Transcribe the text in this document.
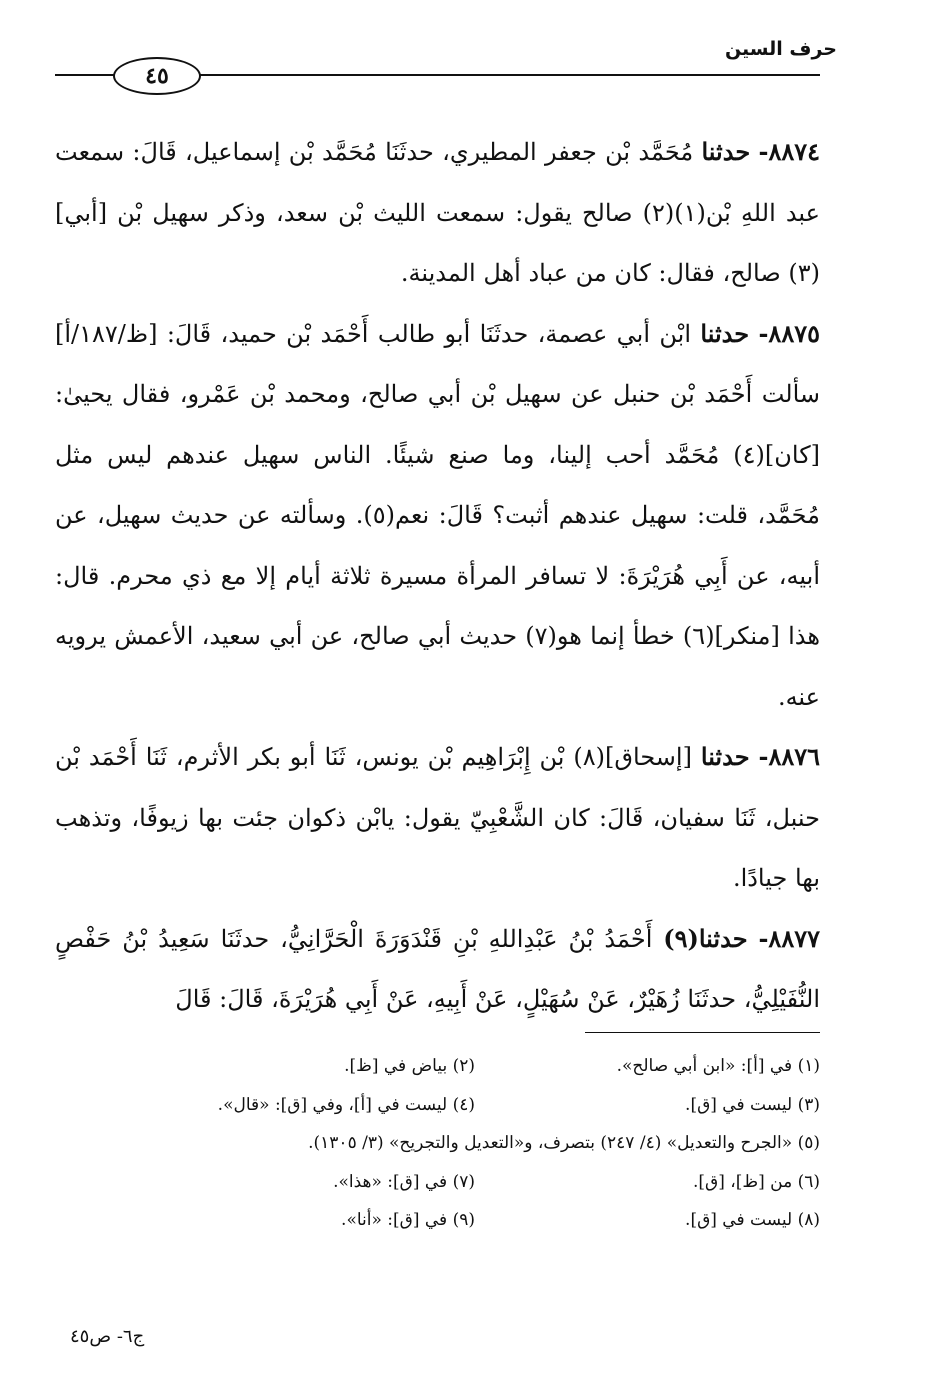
حرف السين
٤٥

٨٨٧٤- حدثنا مُحَمَّد بْن جعفر المطيري، حدثَنَا مُحَمَّد بْن إسماعيل، قَالَ: سمعت عبد اللهِ بْن(١)(٢) صالح يقول: سمعت الليث بْن سعد، وذكر سهيل بْن [أبي](٣) صالح، فقال: كان من عباد أهل المدينة.

٨٨٧٥- حدثنا ابْن أبي عصمة، حدثَنَا أبو طالب أَحْمَد بْن حميد، قَالَ: [ظ/١٨٧/أ] سألت أَحْمَد بْن حنبل عن سهيل بْن أبي صالح، ومحمد بْن عَمْرو، فقال يحيىٰ: [كان](٤) مُحَمَّد أحب إلينا، وما صنع شيئًا. الناس سهيل عندهم ليس مثل مُحَمَّد، قلت: سهيل عندهم أثبت؟ قَالَ: نعم(٥). وسألته عن حديث سهيل، عن أبيه، عن أَبِي هُرَيْرَةَ: لا تسافر المرأة مسيرة ثلاثة أيام إلا مع ذي محرم. قال: هذا [منكر](٦) خطأ إنما هو(٧) حديث أبي صالح، عن أبي سعيد، الأعمش يرويه عنه.

٨٨٧٦- حدثنا [إسحاق](٨) بْن إِبْرَاهِيم بْن يونس، ثَنَا أبو بكر الأثرم، ثَنَا أَحْمَد بْن حنبل، ثَنَا سفيان، قَالَ: كان الشَّعْبِيّ يقول: يابْن ذكوان جئت بها زيوفًا، وتذهب بها جيادًا.

٨٨٧٧- حدثنا(٩) أَحْمَدُ بْنُ عَبْدِاللهِ بْنِ قَنْدَوَرَةَ الْحَرَّانِيُّ، حدثَنَا سَعِيدُ بْنُ حَفْصٍ النُّفَيْلِيُّ، حدثَنَا زُهَيْرٌ، عَنْ سُهَيْلٍ، عَنْ أَبِيهِ، عَنْ أَبِي هُرَيْرَةَ، قَالَ: قَالَ

(١) في [أ]: «ابن أبي صالح».
(٢) بياض في [ظ].
(٣) ليست في [ق].
(٤) ليست في [أ]، وفي [ق]: «قال».
(٥) «الجرح والتعديل» (٤/ ٢٤٧) بتصرف، و«التعديل والتجريح» (٣/ ١٣٠٥).
(٦) من [ظ]، [ق].
(٧) في [ق]: «هذا».
(٨) ليست في [ق].
(٩) في [ق]: «أنا».
ج٦- ص٤٥
